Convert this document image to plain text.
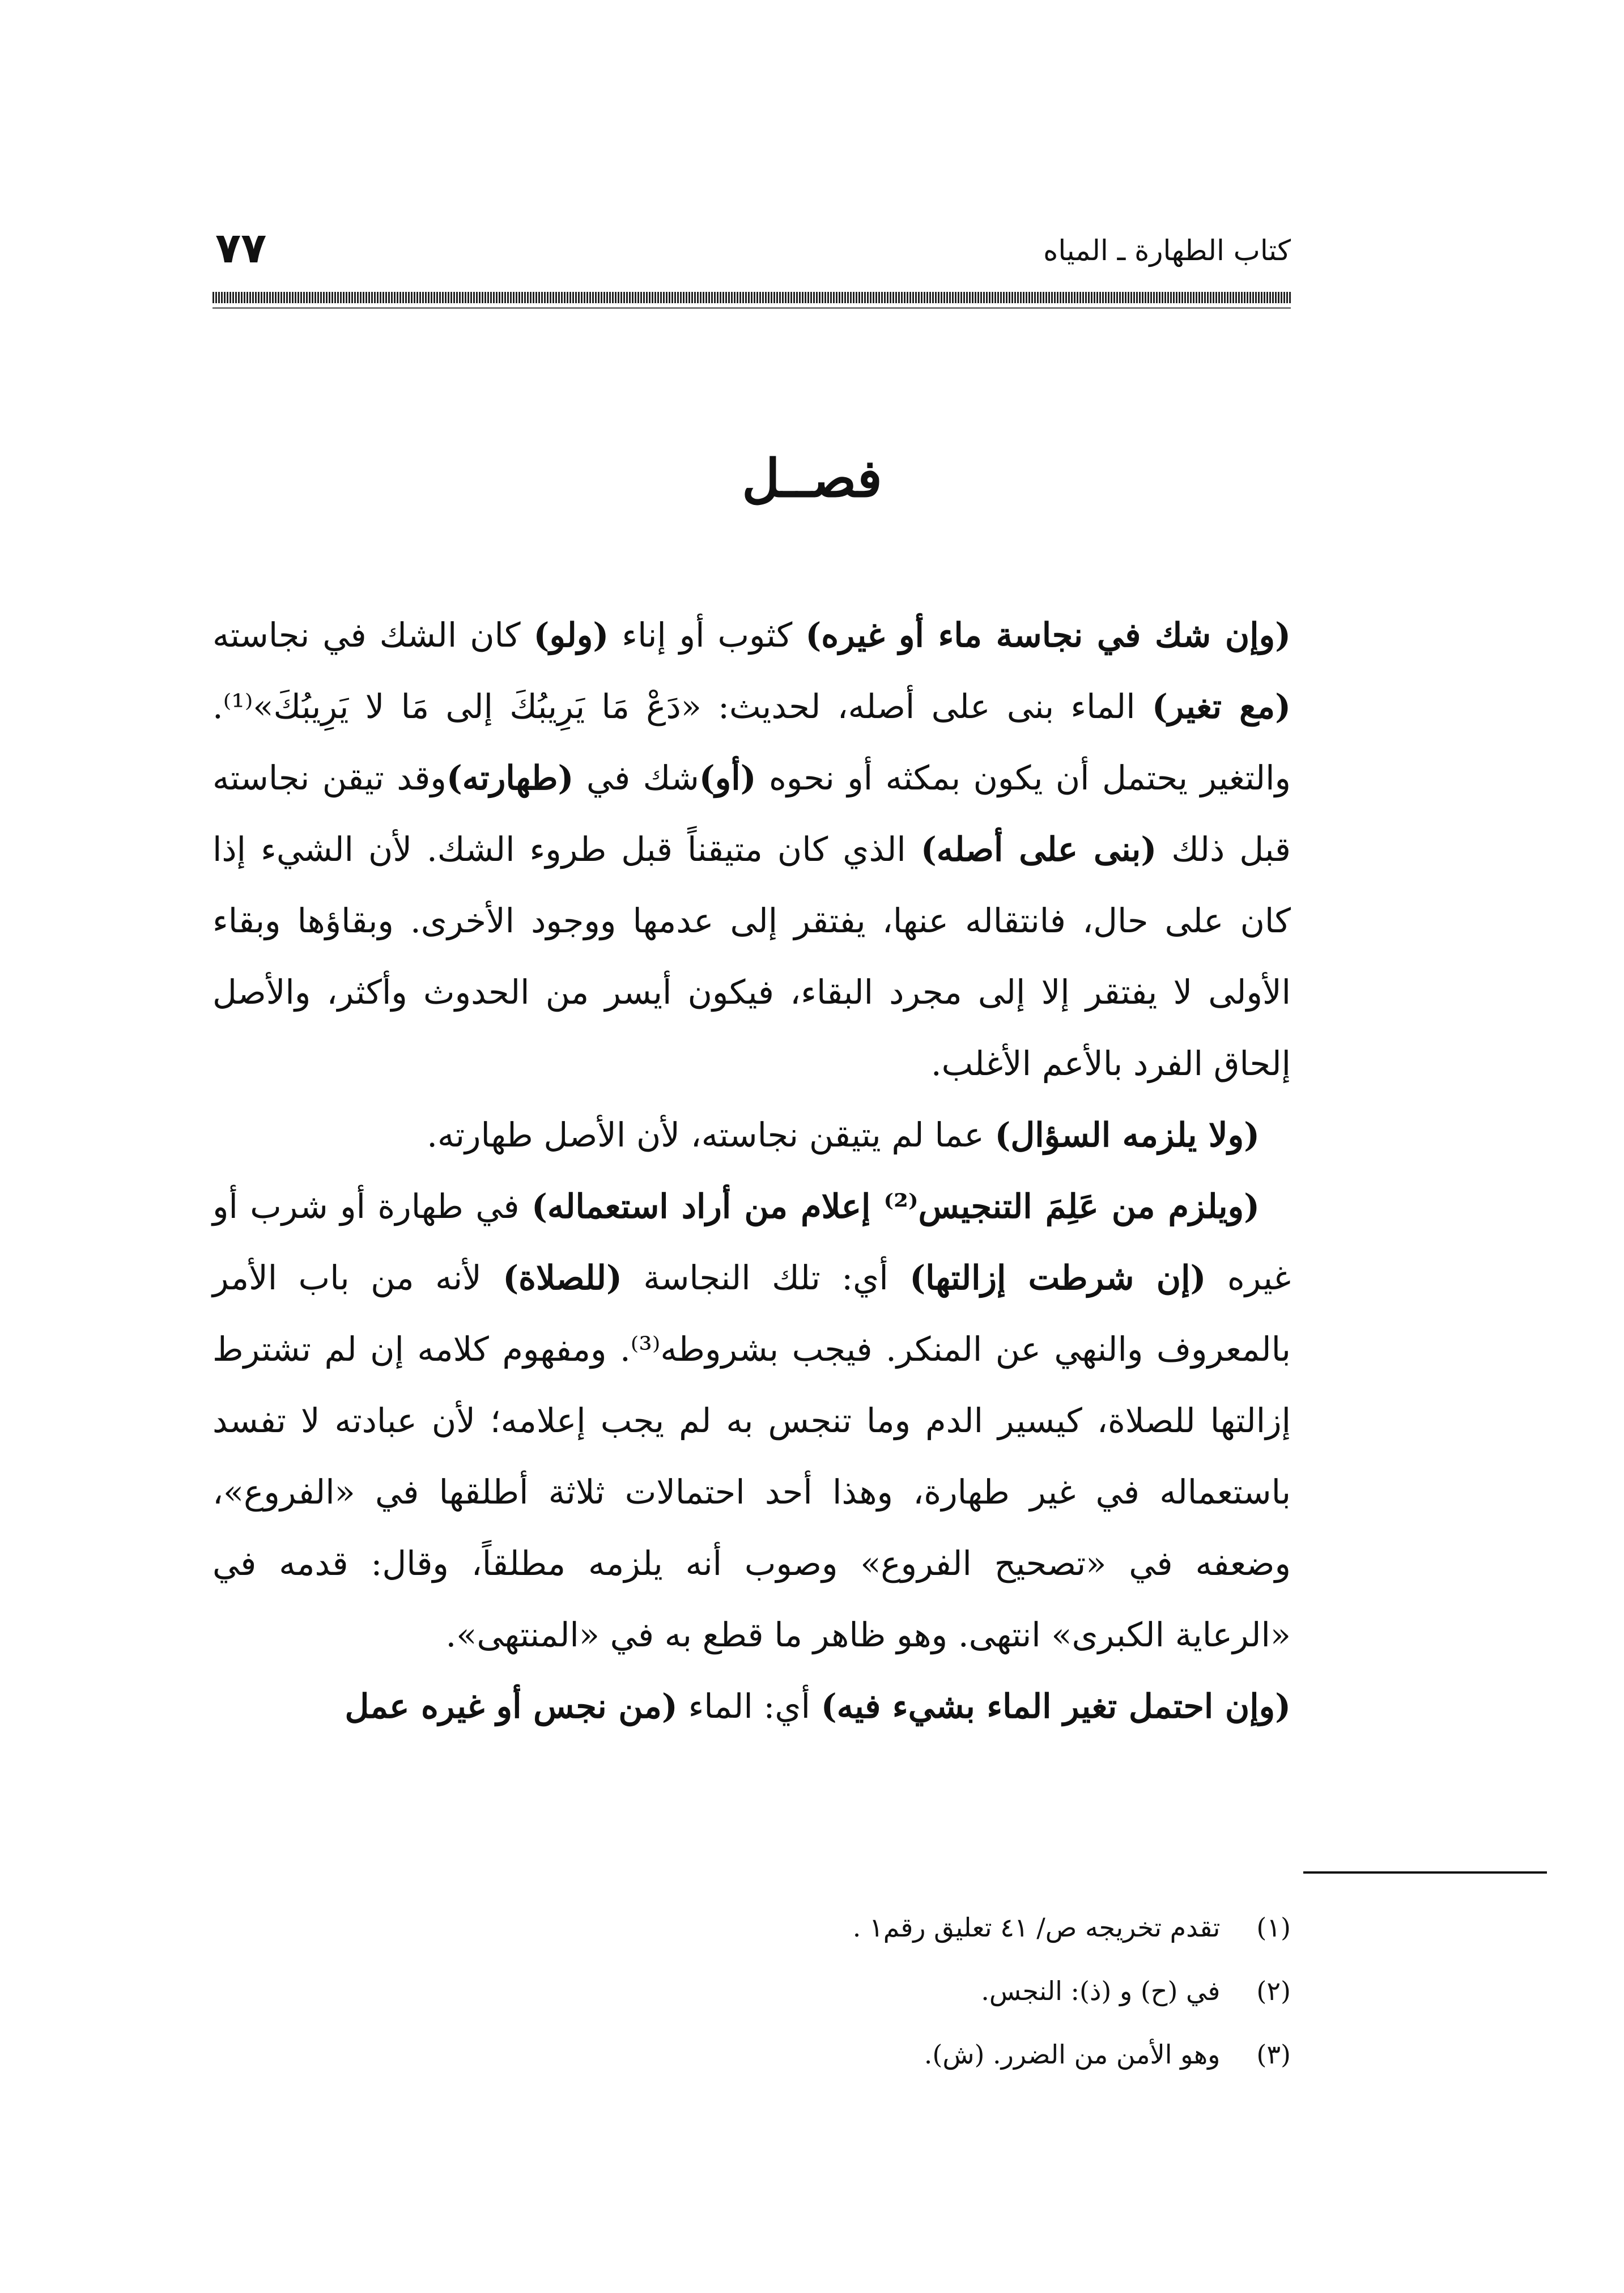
٧٧	كتاب الطهارة ـ المياه
فصــل

(وإن شك في نجاسة ماء أو غيره) كثوب أو إناء (ولو) كان الشك في نجاسته (مع تغير) الماء بنى على أصله، لحديث: «دَعْ مَا يَرِيبُكَ إلى مَا لا يَرِيبُكَ»⁽¹⁾. والتغير يحتمل أن يكون بمكثه أو نحوه (أو)شك في (طهارته)وقد تيقن نجاسته قبل ذلك (بنى على أصله) الذي كان متيقناً قبل طروء الشك. لأن الشيء إذا كان على حال، فانتقاله عنها، يفتقر إلى عدمها ووجود الأخرى. وبقاؤها وبقاء الأولى لا يفتقر إلا إلى مجرد البقاء، فيكون أيسر من الحدوث وأكثر، والأصل إلحاق الفرد بالأعم الأغلب.

(ولا يلزمه السؤال) عما لم يتيقن نجاسته، لأن الأصل طهارته.

(ويلزم من عَلِمَ التنجيس⁽²⁾ إعلام من أراد استعماله) في طهارة أو شرب أو غيره (إن شرطت إزالتها) أي: تلك النجاسة (للصلاة) لأنه من باب الأمر بالمعروف والنهي عن المنكر. فيجب بشروطه⁽³⁾. ومفهوم كلامه إن لم تشترط إزالتها للصلاة، كيسير الدم وما تنجس به لم يجب إعلامه؛ لأن عبادته لا تفسد باستعماله في غير طهارة، وهذا أحد احتمالات ثلاثة أطلقها في «الفروع»، وضعفه في «تصحيح الفروع» وصوب أنه يلزمه مطلقاً، وقال: قدمه في «الرعاية الكبرى» انتهى. وهو ظاهر ما قطع به في «المنتهى».

(وإن احتمل تغير الماء بشيء فيه) أي: الماء (من نجس أو غيره عمل

(١) تقدم تخريجه ص/ ٤١ تعليق رقم١ .

(٢) في (ح) و (ذ): النجس.

(٣) وهو الأمن من الضرر. (ش).
